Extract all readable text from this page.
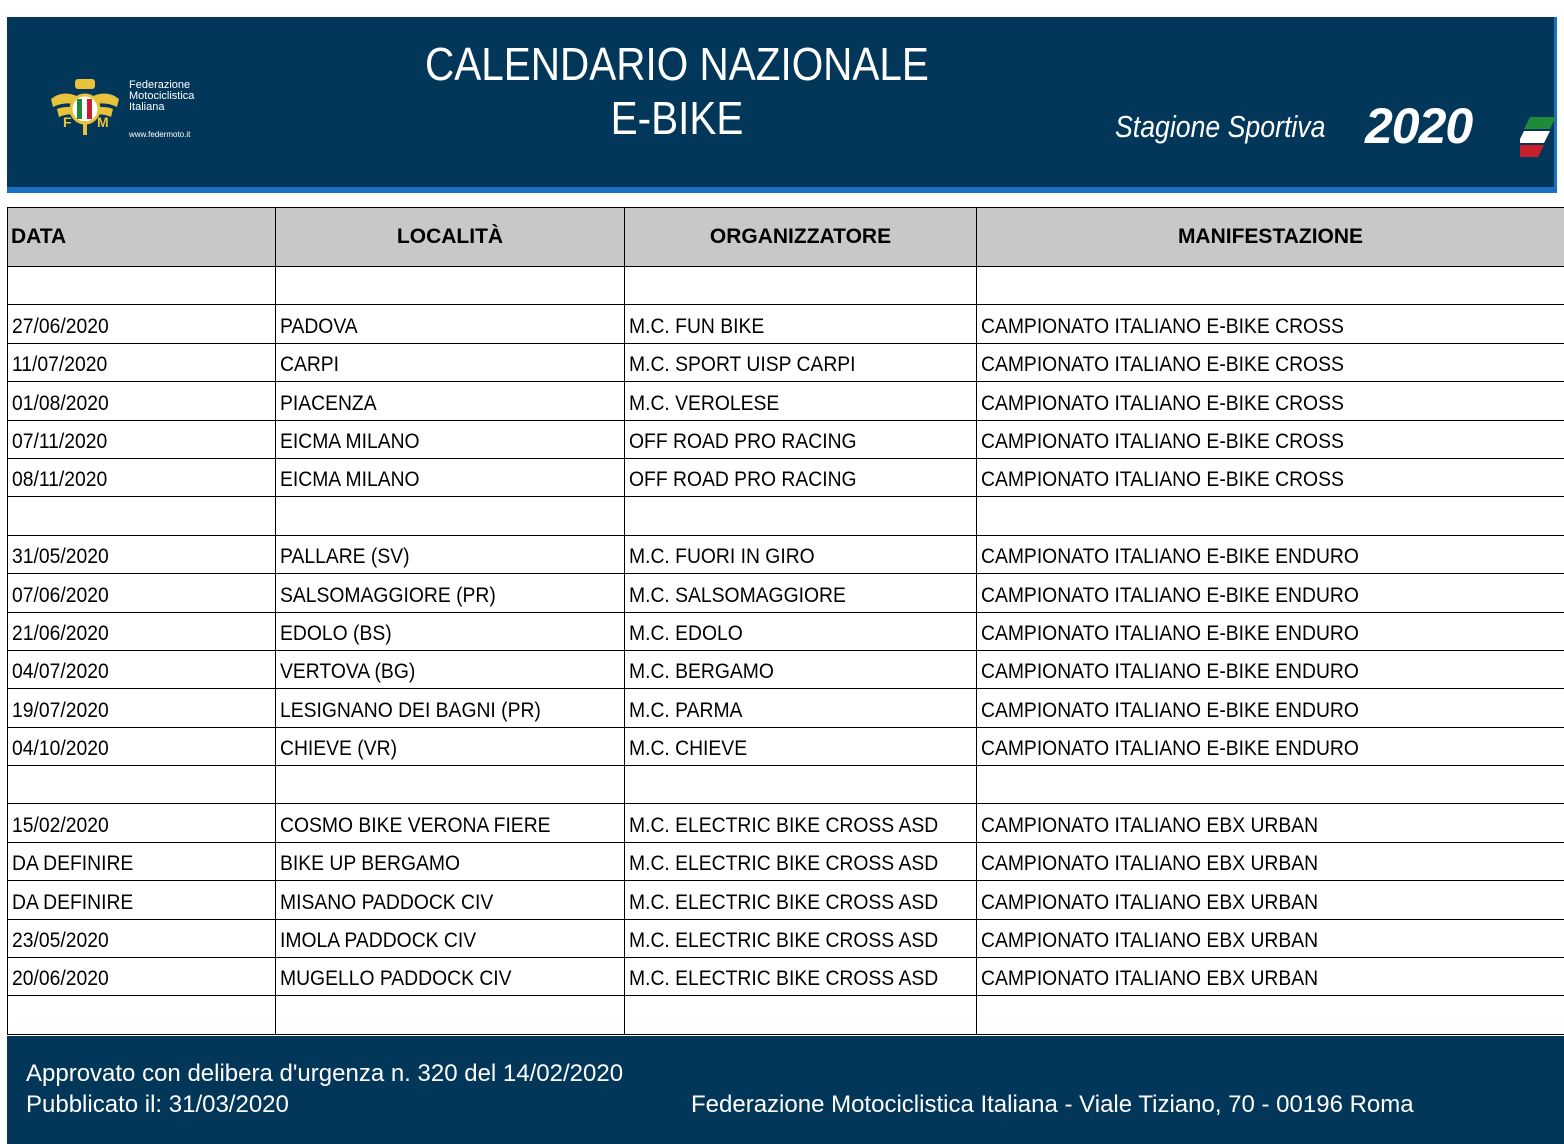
F M
Federazione
Motociclistica
Italiana
www.federmoto.it
CALENDARIO NAZIONALE
E-BIKE	Stagione Sportiva 2020
DATA	LOCALITÀ	ORGANIZZATORE	MANIFESTAZIONE

27/06/2020	PADOVA	M.C. FUN BIKE	CAMPIONATO ITALIANO E-BIKE CROSS
11/07/2020	CARPI	M.C. SPORT UISP CARPI	CAMPIONATO ITALIANO E-BIKE CROSS
01/08/2020	PIACENZA	M.C. VEROLESE	CAMPIONATO ITALIANO E-BIKE CROSS
07/11/2020	EICMA MILANO	OFF ROAD PRO RACING	CAMPIONATO ITALIANO E-BIKE CROSS
08/11/2020	EICMA MILANO	OFF ROAD PRO RACING	CAMPIONATO ITALIANO E-BIKE CROSS

31/05/2020	PALLARE (SV)	M.C. FUORI IN GIRO	CAMPIONATO ITALIANO E-BIKE ENDURO
07/06/2020	SALSOMAGGIORE (PR)	M.C. SALSOMAGGIORE	CAMPIONATO ITALIANO E-BIKE ENDURO
21/06/2020	EDOLO (BS)	M.C. EDOLO	CAMPIONATO ITALIANO E-BIKE ENDURO
04/07/2020	VERTOVA (BG)	M.C. BERGAMO	CAMPIONATO ITALIANO E-BIKE ENDURO
19/07/2020	LESIGNANO DEI BAGNI (PR)	M.C. PARMA	CAMPIONATO ITALIANO E-BIKE ENDURO
04/10/2020	CHIEVE (VR)	M.C. CHIEVE	CAMPIONATO ITALIANO E-BIKE ENDURO

15/02/2020	COSMO BIKE VERONA FIERE	M.C. ELECTRIC BIKE CROSS ASD	CAMPIONATO ITALIANO EBX URBAN
DA DEFINIRE	BIKE UP BERGAMO	M.C. ELECTRIC BIKE CROSS ASD	CAMPIONATO ITALIANO EBX URBAN
DA DEFINIRE	MISANO PADDOCK CIV	M.C. ELECTRIC BIKE CROSS ASD	CAMPIONATO ITALIANO EBX URBAN
23/05/2020	IMOLA PADDOCK CIV	M.C. ELECTRIC BIKE CROSS ASD	CAMPIONATO ITALIANO EBX URBAN
20/06/2020	MUGELLO PADDOCK CIV	M.C. ELECTRIC BIKE CROSS ASD	CAMPIONATO ITALIANO EBX URBAN

Approvato con delibera d'urgenza n. 320 del 14/02/2020
Pubblicato il: 31/03/2020	Federazione Motociclistica Italiana - Viale Tiziano, 70 - 00196 Roma
